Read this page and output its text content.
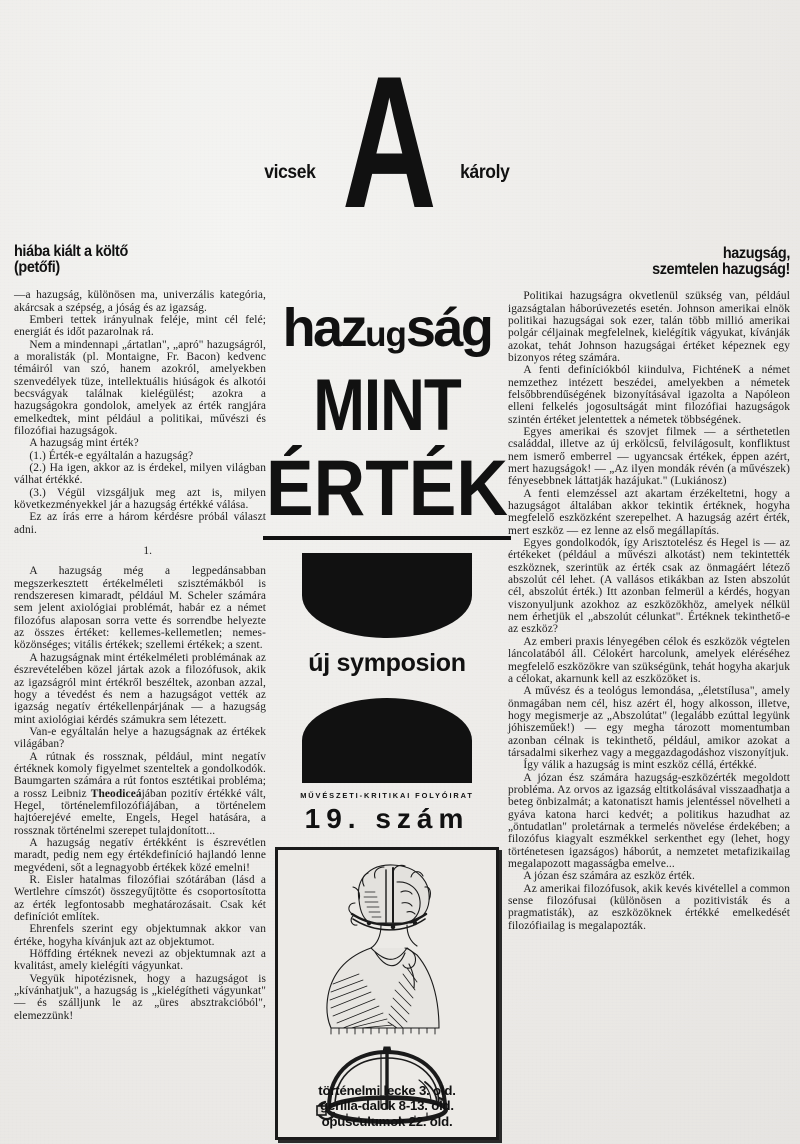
A
vicsek	károly
hazugság
MINT
ÉRTÉK
új symposion
MŰVÉSZETI-KRITIKAI FOLYÓIRAT
19. szám
történelmi lecke 3. old.
gerilla-dalok 8-13. old.
opusculumok 22. old.
hiába kiált a költő
(petőfi)

—a hazugság, különösen ma, univerzális kategória, akárcsak a szépség, a jóság és az igazság.

Emberi tettek irányulnak feléje, mint cél felé; energiát és időt pazarolnak rá.

Nem a mindennapi „ártatlan", „apró" hazugságról, a moralisták (pl. Montaigne, Fr. Bacon) kedvenc témáiról van szó, hanem azokról, amelyekben szenvedélyek tüze, intellektuális hiúságok és alkotói becsvágyak találnak kielégülést; azokra a hazugságokra gondolok, amelyek az érték rangjára emelkedtek, mint például a politikai, művészi és filozófiai hazugságok.

A hazugság mint érték?

(1.) Érték-e egyáltalán a hazugság?

(2.) Ha igen, akkor az is érdekel, milyen világban válhat értékké.

(3.) Végül vizsgáljuk meg azt is, milyen következményekkel jár a hazugság értékké válása.

Ez az írás erre a három kérdésre próbál választ adni.

1.

A hazugság még a legpedánsabban megszerkesztett értékelméleti szisztémákból is rendszeresen kimaradt, például M. Scheler számára sem jelent axiológiai problémát, habár ez a német filozófus alaposan sorra vette és sorrendbe helyezte az összes értéket: kellemes-kellemetlen; nemes-közönséges; vitális értékek; szellemi értékek; a szent.

A hazugságnak mint értékelméleti problémának az észrevételében közel jártak azok a filozófusok, akik az igazságról mint értékről beszéltek, azonban azzal, hogy a tévedést és nem a hazugságot vették az igazság negatív értékellenpárjának — a hazugság mint axiológiai kérdés számukra sem létezett.

Van-e egyáltalán helye a hazugságnak az értékek világában?

A rútnak és rossznak, például, mint negatív értéknek komoly figyelmet szenteltek a gondolkodók. Baumgarten számára a rút fontos esztétikai probléma; a rossz Leibniz Theodiceájában pozitív értékké vált, Hegel, történelemfilozófiájában, a történelem hajtóerejévé emelte, Engels, Hegel hatására, a rossznak történelmi szerepet tulajdonított...

A hazugság negatív értékként is észrevétlen maradt, pedig nem egy értékdefiníció hajlandó lenne megvédeni, sőt a legnagyobb értékek közé emelni!

R. Eisler hatalmas filozófiai szótárában (lásd a Wertlehre címszót) összegyűjtötte és csoportosította az érték legfontosabb meghatározásait. Csak két definíciót említek.

Ehrenfels szerint egy objektumnak akkor van értéke, hogyha kívánjuk azt az objektumot.

Höffding értéknek nevezi az objektumnak azt a kvalitást, amely kielégíti vágyunkat.

Vegyük hipotézisnek, hogy a hazugságot is „kívánhatjuk", a hazugság is „kielégítheti vágyunkat" — és szálljunk le az „üres absztrakcióból", elemezzünk!

hazugság,
szemtelen hazugság!

Politikai hazugságra okvetlenül szükség van, például igazságtalan háborúvezetés esetén. Johnson amerikai elnök politikai hazugságai sok ezer, talán több millió amerikai polgár céljainak megfelelnek, kielégítik vágyukat, kívánják azokat, tehát Johnson hazugságai értéket képeznek egy bizonyos réteg számára.

A fenti definíciókból kiindulva, FichténeK a német nemzethez intézett beszédei, amelyekben a németek felsőbbrendűségének bizonyításával igazolta a Napóleon elleni felkelés jogosultságát mint filozófiai hazugságok szintén értéket jelentettek a németek többségének.

Egyes amerikai és szovjet filmek — a sérthetetlen családdal, illetve az új erkölcsű, felvilágosult, konfliktust nem ismerő emberrel — ugyancsak értékek, éppen azért, mert hazugságok! — „Az ilyen mondák révén (a művészek) fényesebbnek láttatják hazájukat." (Lukiánosz)

A fenti elemzéssel azt akartam érzékeltetni, hogy a hazugságot általában akkor tekintik értéknek, hogyha megfelelő eszközként szerepelhet. A hazugság azért érték, mert eszköz — ez lenne az első megállapítás.

Egyes gondolkodók, így Arisztotelész és Hegel is — az értékeket (például a művészi alkotást) nem tekintették eszköznek, szerintük az érték csak az önmagáért létező abszolút cél lehet. (A vallásos etikákban az Isten abszolút cél, abszolút érték.) Itt azonban felmerül a kérdés, hogyan viszonyuljunk azokhoz az eszközökhöz, amelyek nélkül nem érhetjük el „abszolút célunkat". Értéknek tekinthető-e az eszköz?

Az emberi praxis lényegében célok és eszközök végtelen láncolatából áll. Célokért harcolunk, amelyek eléréséhez megfelelő eszközökre van szükségünk, tehát hogyha akarjuk a célokat, akarnunk kell az eszközöket is.

A művész és a teológus lemondása, „életstílusa", amely önmagában nem cél, hisz azért él, hogy alkosson, illetve, hogy megismerje az „Abszolútat" (legalább ezúttal legyünk jóhiszeműek!) — egy megha tározott momentumban azonban célnak is tekinthető, például, amikor azokat a társadalmi sikerhez vagy a meggazdagodáshoz viszonyítjuk.

Így válik a hazugság is mint eszköz céllá, értékké.

A józan ész számára hazugság-eszközérték megoldott probléma. Az orvos az igazság eltitkolásával visszaadhatja a beteg önbizalmát; a katonatiszt hamis jelentéssel növelheti a gyáva katona harci kedvét; a politikus hazudhat az „öntudatlan" proletárnak a termelés növelése érdekében; a filozófus kiagyalt eszmékkel serkenthet egy (lehet, hogy történetesen igazságos) háborút, a nemzetet metafizikailag megalapozott magasságba emelve...

A józan ész számára az eszköz érték.

Az amerikai filozófusok, akik kevés kivétellel a common sense filozófusai (különösen a pozitivisták és a pragmatisták), az eszközöknek értékké emelkedését filozófiailag is megalapozták.
